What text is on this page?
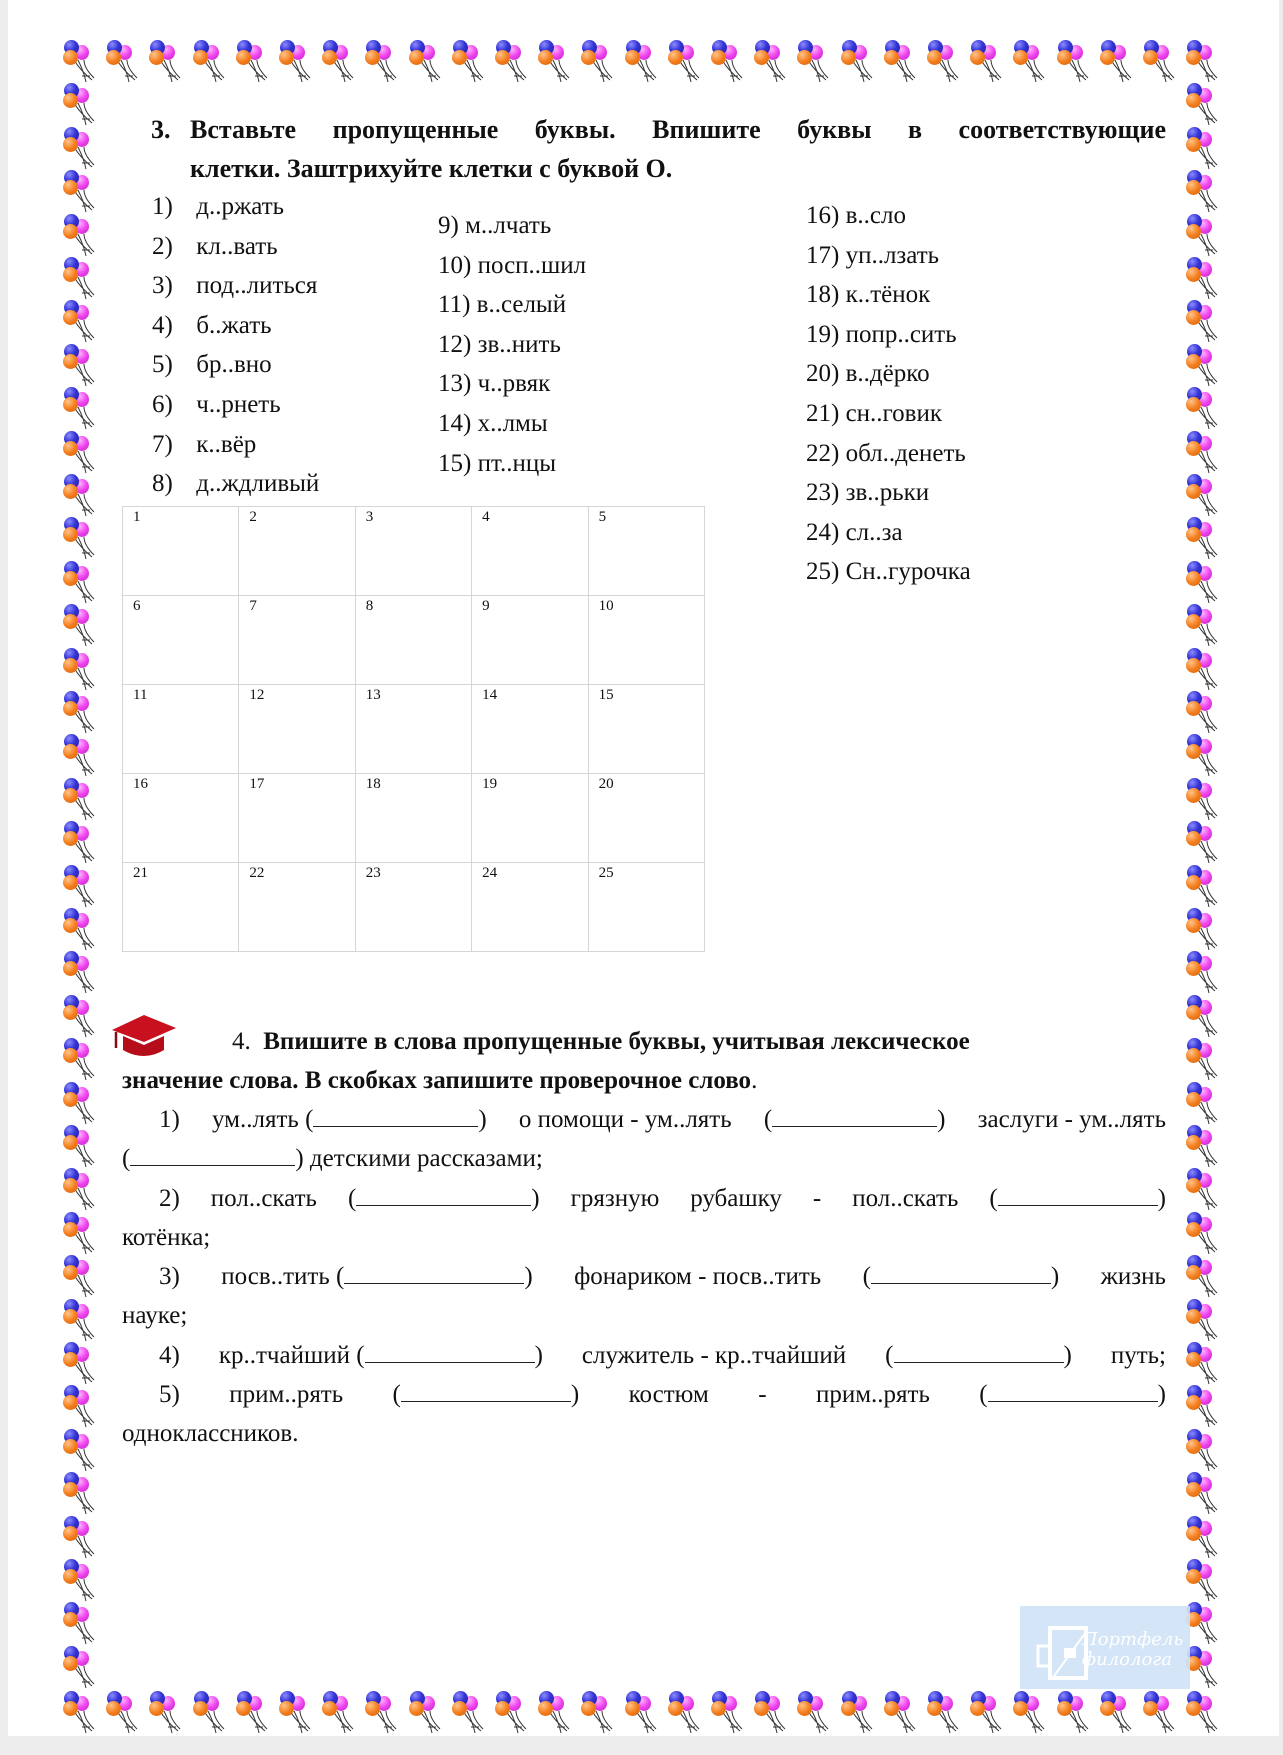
3. Вставьте пропущенные буквы. Впишите буквы в соответствующие
клетки. Заштрихуйте клетки с буквой О.
1) д..ржать
2) кл..вать
3) под..литься
4) б..жать
5) бр..вно
6) ч..рнеть
7) к..вёр
8) д..ждливый
9) м..лчать
10) посп..шил
11) в..селый
12) зв..нить
13) ч..рвяк
14) х..лмы
15) пт..нцы
16) в..сло
17) уп..лзать
18) к..тёнок
19) попр..сить
20) в..дёрко
21) сн..говик
22) обл..денеть
23) зв..рьки
24) сл..за
25) Сн..гурочка
1	2	3	4	5
6	7	8	9	10
11	12	13	14	15
16	17	18	19	20
21	22	23	24	25
4. Впишите в слова пропущенные буквы, учитывая лексическое
значение слова. В скобках запишите проверочное слово .
1) ум..лять (	) о помощи - ум..лять (	) заслуги - ум..лять
(	) детскими рассказами;
2) пол..скать (	) грязную рубашку - пол..скать (	)
котёнка;
3) посв..тить (	) фонариком - посв..тить (	) жизнь
науке;
4) кр..тчайший (	) служитель - кр..тчайший (	) путь;
5) прим..рять (	) костюм - прим..рять (	)
одноклассников.
Портфель
филолога
